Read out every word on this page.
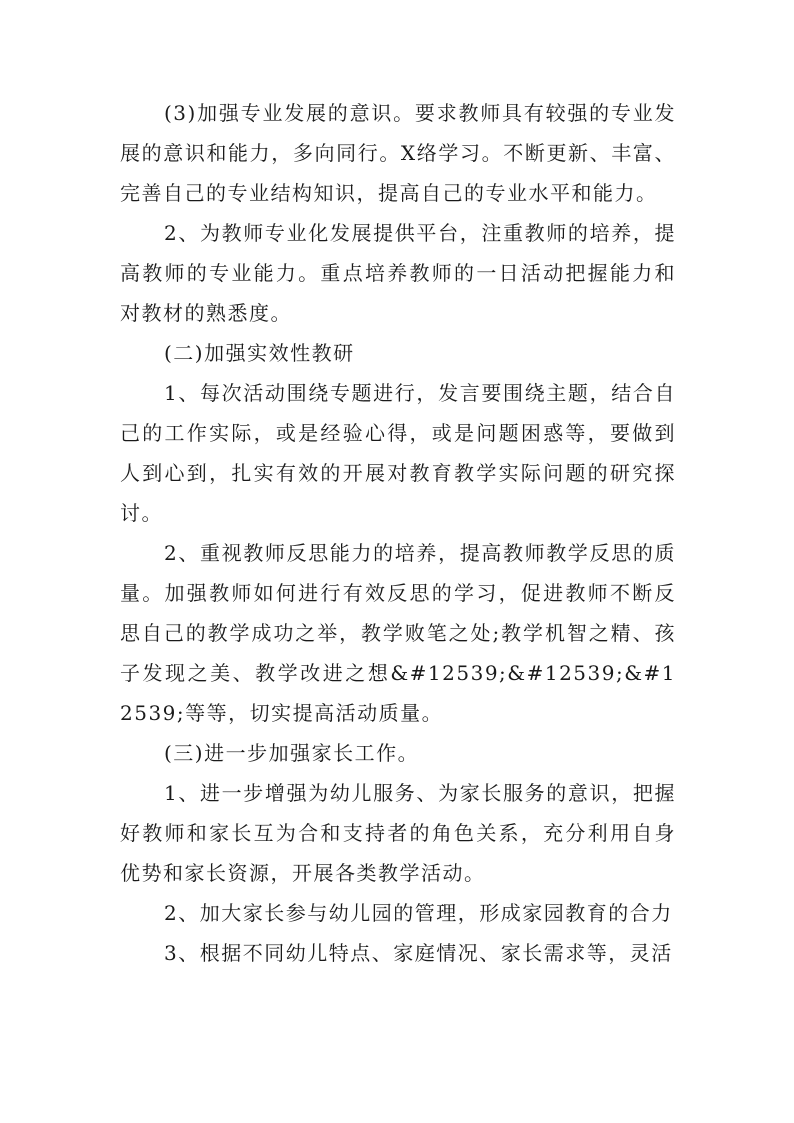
(3)加强专业发展的意识。要求教师具有较强的专业发展的意识和能力，多向同行。X络学习。不断更新、丰富、完善自己的专业结构知识，提高自己的专业水平和能力。

2、为教师专业化发展提供平台，注重教师的培养，提高教师的专业能力。重点培养教师的一日活动把握能力和对教材的熟悉度。

(二)加强实效性教研

1、每次活动围绕专题进行，发言要围绕主题，结合自己的工作实际，或是经验心得，或是问题困惑等，要做到人到心到，扎实有效的开展对教育教学实际问题的研究探讨。

2、重视教师反思能力的培养，提高教师教学反思的质量。加强教师如何进行有效反思的学习，促进教师不断反思自己的教学成功之举，教学败笔之处;教学机智之精、孩子发现之美、教学改进之想&#12539;&#12539;&#12539;等等，切实提高活动质量。

(三)进一步加强家长工作。

1、进一步增强为幼儿服务、为家长服务的意识，把握好教师和家长互为合和支持者的角色关系，充分利用自身优势和家长资源，开展各类教学活动。

2、加大家长参与幼儿园的管理，形成家园教育的合力

3、根据不同幼儿特点、家庭情况、家长需求等，灵活
